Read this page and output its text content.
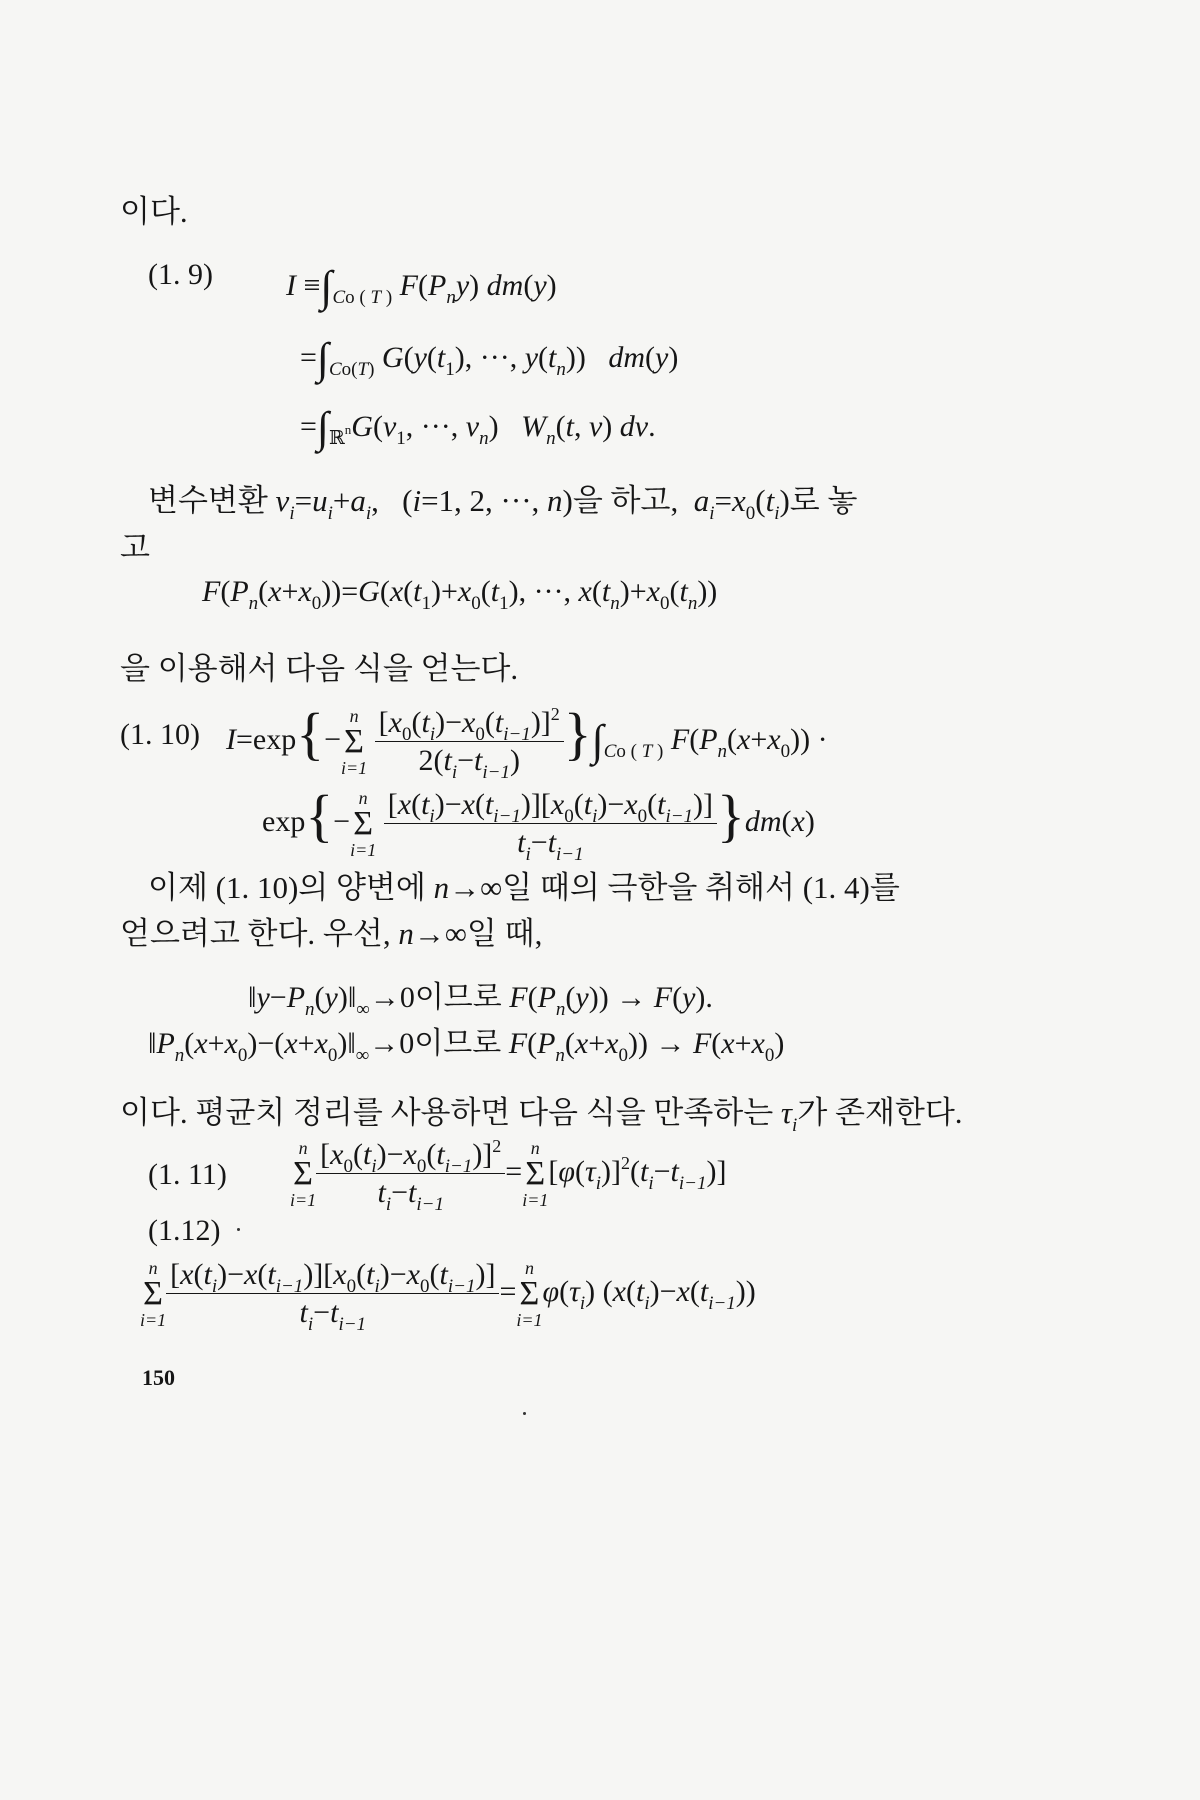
이다.
(1. 9) $I \equiv\int_{Co (}$ $_T$ $_)$ $F(P_ny)$ dm(y)
$=\int_{Co(T)}$ $G(y(t_1)$, ···, $y(t_n)$)   dm(y)
$=\int_ℝnG(v_1$, ···, $v_n$)   $W_n(t$, v) dv.
변수변환 $v_i=u_i+a_i$,   (i=1, 2, ···, n)을 하고,  $a_i=x_0(t_i)$로 놓
고
$F(P_n(x+x_0))=G(x(t_1)+x_0(t_1)$, ···, $x(t_n)+x_0(t_n)$)
을 이용해서 다음 식을 얻는다.
(1. 10) I=exp{−
n
Σ
i=1
$\frac{[x_0(t_i)-x_0(t_{i-1})]^2}{2(t_i-t_{i-1})} \}\int_{Co (}$ $_T$ $_)$ $F(P_n(x+x_0))$ ·
exp{−
n
Σ
i=1
$\frac{[x(t_i)-x(t_{i-1})][x_0(t_i)-x_0(t_{i-1})]}{t_i-t_{i-1}} \}dm(x)$
이제 (1. 10)의 양변에 n→∞일 때의 극한을 취해서 (1. 4)를
얻으려고 한다. 우선, n→∞일 때,
$‖y-P_n(y)‖_\infty\to 0$이므로 $F(P_n(y)) \to F(y)$.
$‖P_n(x+x_0)-(x+x_0)‖_\infty\to 0$이므로 $F(P_n(x+x_0)) \to F(x+x_0)$
이다. 평균치 정리를 사용하면 다음 식을 만족하는 $\tau_i$가 존재한다.
(1. 11)
n
Σ
$i=1 \frac{[x_0(t_i)-x_0(t_{i-1})]^2}{t_i-t_{i-1}}$ =
n
Σ
i=1
$[\varphi(\tau_i)]^2(t_i-t_{i-1})$]
(1.12)
n
Σ
$i=1 \frac{[x(t_i)-x(t_{i-1})][x_0(t_i)-x_0(t_{i-1})]}{t_i-t_{i-1}}$ =
n
Σ
i=1
$\varphi(\tau_i)$ $(x(t_i)-x(t_{i-1}))$
150
